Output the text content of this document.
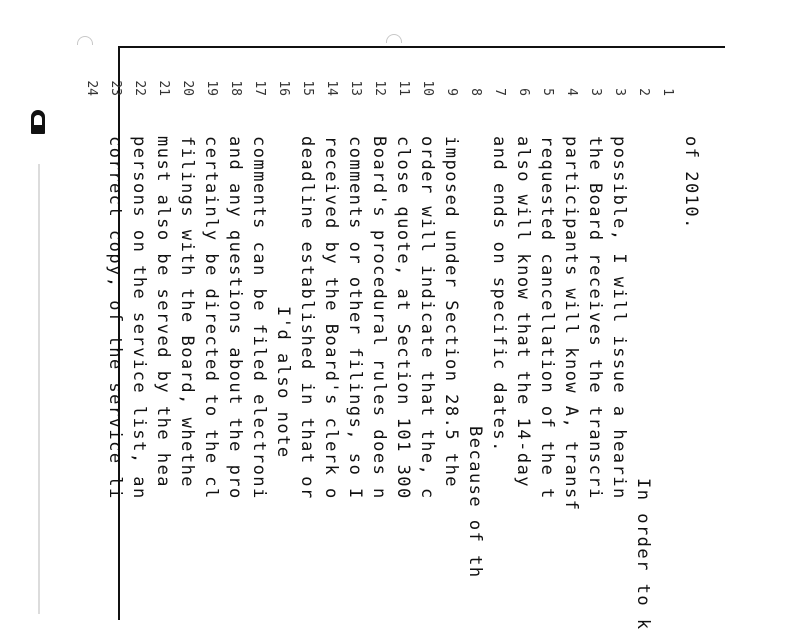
1

of 2010.

2

3

In order to k

3

possible, I will issue a hearin

4

the Board receives the transcri

5

participants will know A, transf

6

requested cancellation of the t

7

also will know that the 14-day

8

and ends on specific dates.

9

Because of th

10

imposed under Section 28.5 the

11

order will indicate that the, c

12

close quote, at Section 101 300

13

Board's procedural rules does n

14

comments or other filings, so I

15

received by the Board's clerk o

16

deadline established in that or

17

I'd also note

18

comments can be filed electroni

19

and any questions about the pro

20

certainly be directed to the cl

21

filings with the Board, whethe

22

must also be served by the hea

23

persons on the service list, an

24

correct copy, of the service li
